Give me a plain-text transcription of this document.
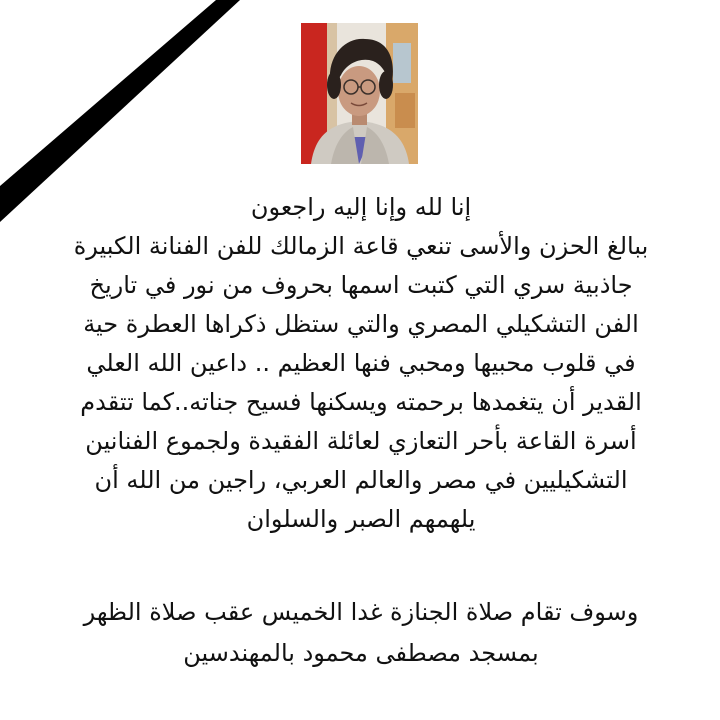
إنا لله وإنا إليه راجعون
ببالغ الحزن والأسى تنعي قاعة الزمالك للفن الفنانة الكبيرة
جاذبية سري التي كتبت اسمها بحروف من نور في تاريخ
الفن التشكيلي المصري والتي ستظل ذكراها العطرة حية
في قلوب محبيها ومحبي فنها العظيم .. داعين الله العلي
القدير أن يتغمدها برحمته ويسكنها فسيح جناته..كما تتقدم
أسرة القاعة بأحر التعازي لعائلة الفقيدة ولجموع الفنانين
التشكيليين في مصر والعالم العربي، راجين من الله أن
يلهمهم الصبر والسلوان
وسوف تقام صلاة الجنازة غدا الخميس عقب صلاة الظهر
بمسجد مصطفى محمود بالمهندسين
